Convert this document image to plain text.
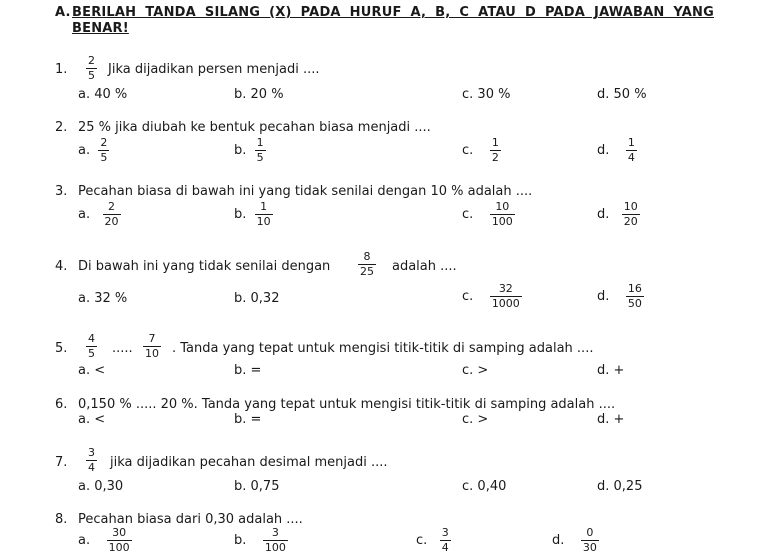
A. BERILAH TANDA SILANG (X) PADA HURUF A, B, C ATAU D PADA JAWABAN YANG
BENAR!
1. $\frac{2}{5}$ Jika dijadikan persen menjadi ....
a. 40 %	b. 20 %	c. 30 %	d. 50 %
2. 25 % jika diubah ke bentuk pecahan biasa menjadi ....
a. $\frac{2}{5}$	b. $\frac{1}{5}$	c. $\frac{1}{2}$	d. $\frac{1}{4}$
3. Pecahan biasa di bawah ini yang tidak senilai dengan 10 % adalah ....
a. $\frac{2}{20}$	b. $\frac{1}{10}$	c. $\frac{10}{100}$	d. $\frac{10}{20}$
4. Di bawah ini yang tidak senilai dengan	$\frac{8}{25}$ adalah ....
a. 32 %	b. 0,32	c. $\frac{32}{1000}$	d. $\frac{16}{50}$
5. $\frac{4}{5}$ ..... $\frac{7}{10}$ . Tanda yang tepat untuk mengisi titik-titik di samping adalah ....
a. <	b. =	c. >	d. +
6. 0,150 % ..... 20 %. Tanda yang tepat untuk mengisi titik-titik di samping adalah ....
a. <	b. =	c. >	d. +
7. $\frac{3}{4}$ jika dijadikan pecahan desimal menjadi ....
a. 0,30	b. 0,75	c. 0,40	d. 0,25
8. Pecahan biasa dari 0,30 adalah ....
a. $\frac{30}{100}$	b. $\frac{3}{100}$	c. $\frac{3}{4}$	d. $\frac{0}{30}$
